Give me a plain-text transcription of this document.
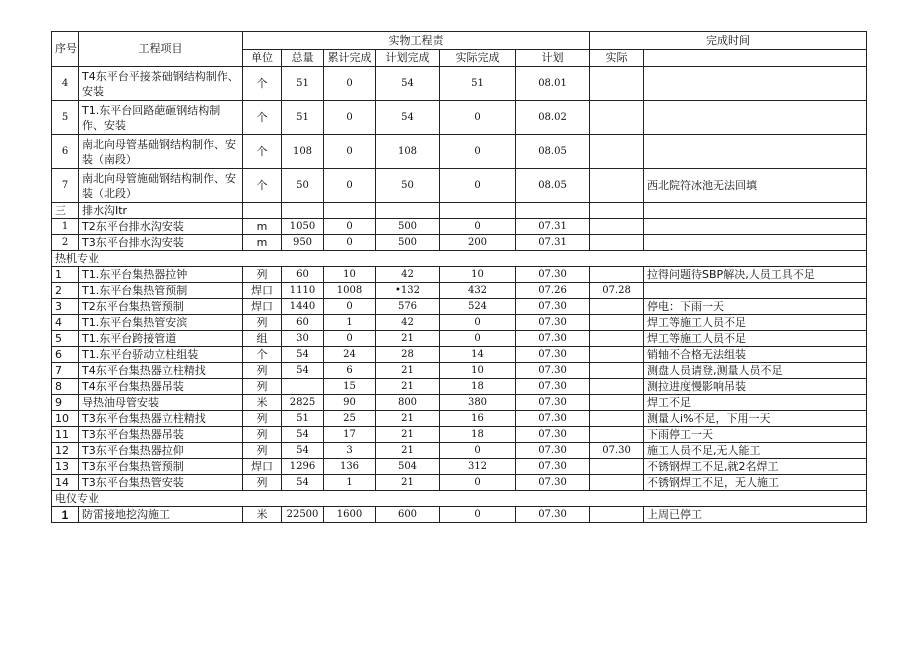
序号	工程项目	实物工程责						完成时间	
		单位	总量	累计完成	计划完成	实际完成	计划	实际		
4	T4东平台平接茶础钢结构制作、安装	个	51	0	54	51	08.01			
5	T1.东平台回路葩砸钢结构制作、安装	个	51	0	54	0	08.02			
6	南北向母管基础钢结构制作、安装（南段）	个	108	0	108	0	08.05			
7	南北向母管施础钢结构制作、安装（北段）	个	50	0	50	0	08.05		西北院符冰池无法回填	
三	排水沟Itr									
1	T2东平台排水沟安装	m	1050	0	500	0	07.31			
2	T3东平台排水沟安装	m	950	0	500	200	07.31			
热机专业										
1	T1.东平台集热器拉钟	列	60	10	42	10	07.30		拉得问题待SBP解决,人员工具不足	
2	T1.东平台集热管预制	焊口	1110	1008	•132	432	07.26	07.28		
3	T2东平台集热管预制	焊口	1440	0	576	524	07.30		停电：下雨一天	
4	T1.东平台集热管安滨	列	60	1	42	0	07.30		焊工等施工人员不足	
5	T1.东平台跨接管道	组	30	0	21	0	07.30		焊工等施工人员不足	
6	T1.东平台骄动立柱组装	个	54	24	28	14	07.30		销轴不合格无法组装	
7	T4东平台集热器立柱精找	列	54	6	21	10	07.30		测盘人员请登,测量人员不足	
8	T4东平台集热器吊装	列		15	21	18	07.30		测拉进度慢影响吊装	
9	导热油母管安装	米	2825	90	800	380	07.30		焊工不足	
10	T3东平台集热器立柱精找	列	51	25	21	16	07.30		测量人i%不足，下用一天	
11	T3东平台集热器吊装	列	54	17	21	18	07.30		下雨停工一天	
12	T3东平台集热器拉仰	列	54	3	21	0	07.30	07.30	施工人员不足,无人能工	
13	T3东平台集热管预制	焊口	1296	136	504	312	07.30		不锈钢焊工不足,就2名焊工	
14	T3东平台集热管安装	列	54	1	21	0	07.30		不锈钢焊工不足，无人施工	
电仪专业										
1	防雷接地挖沟施工	米	22500	1600	600	0	07.30		上周已停工	
